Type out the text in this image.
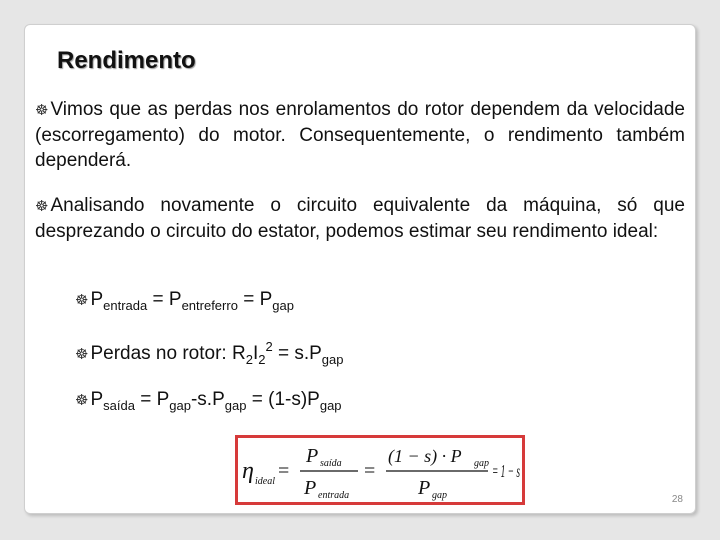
Rendimento
☸ Vimos que as perdas nos enrolamentos do rotor dependem da velocidade (escorregamento) do motor. Consequentemente, o rendimento também dependerá.
☸ Analisando novamente o circuito equivalente da máquina, só que desprezando o circuito do estator, podemos estimar seu rendimento ideal:
☸ $P_{entrada} = P_{entreferro} = P_{gap}$
☸ Perdas no rotor: $R_2I_2^2 = s.P_{gap}$
☸ $P_{saída} = P_{gap}-s.P_{gap} = (1-s)P_{gap}$
η ideal =
P saída
P entrada
=
(1 − s) · P gap
P gap
= 1 − s
28
